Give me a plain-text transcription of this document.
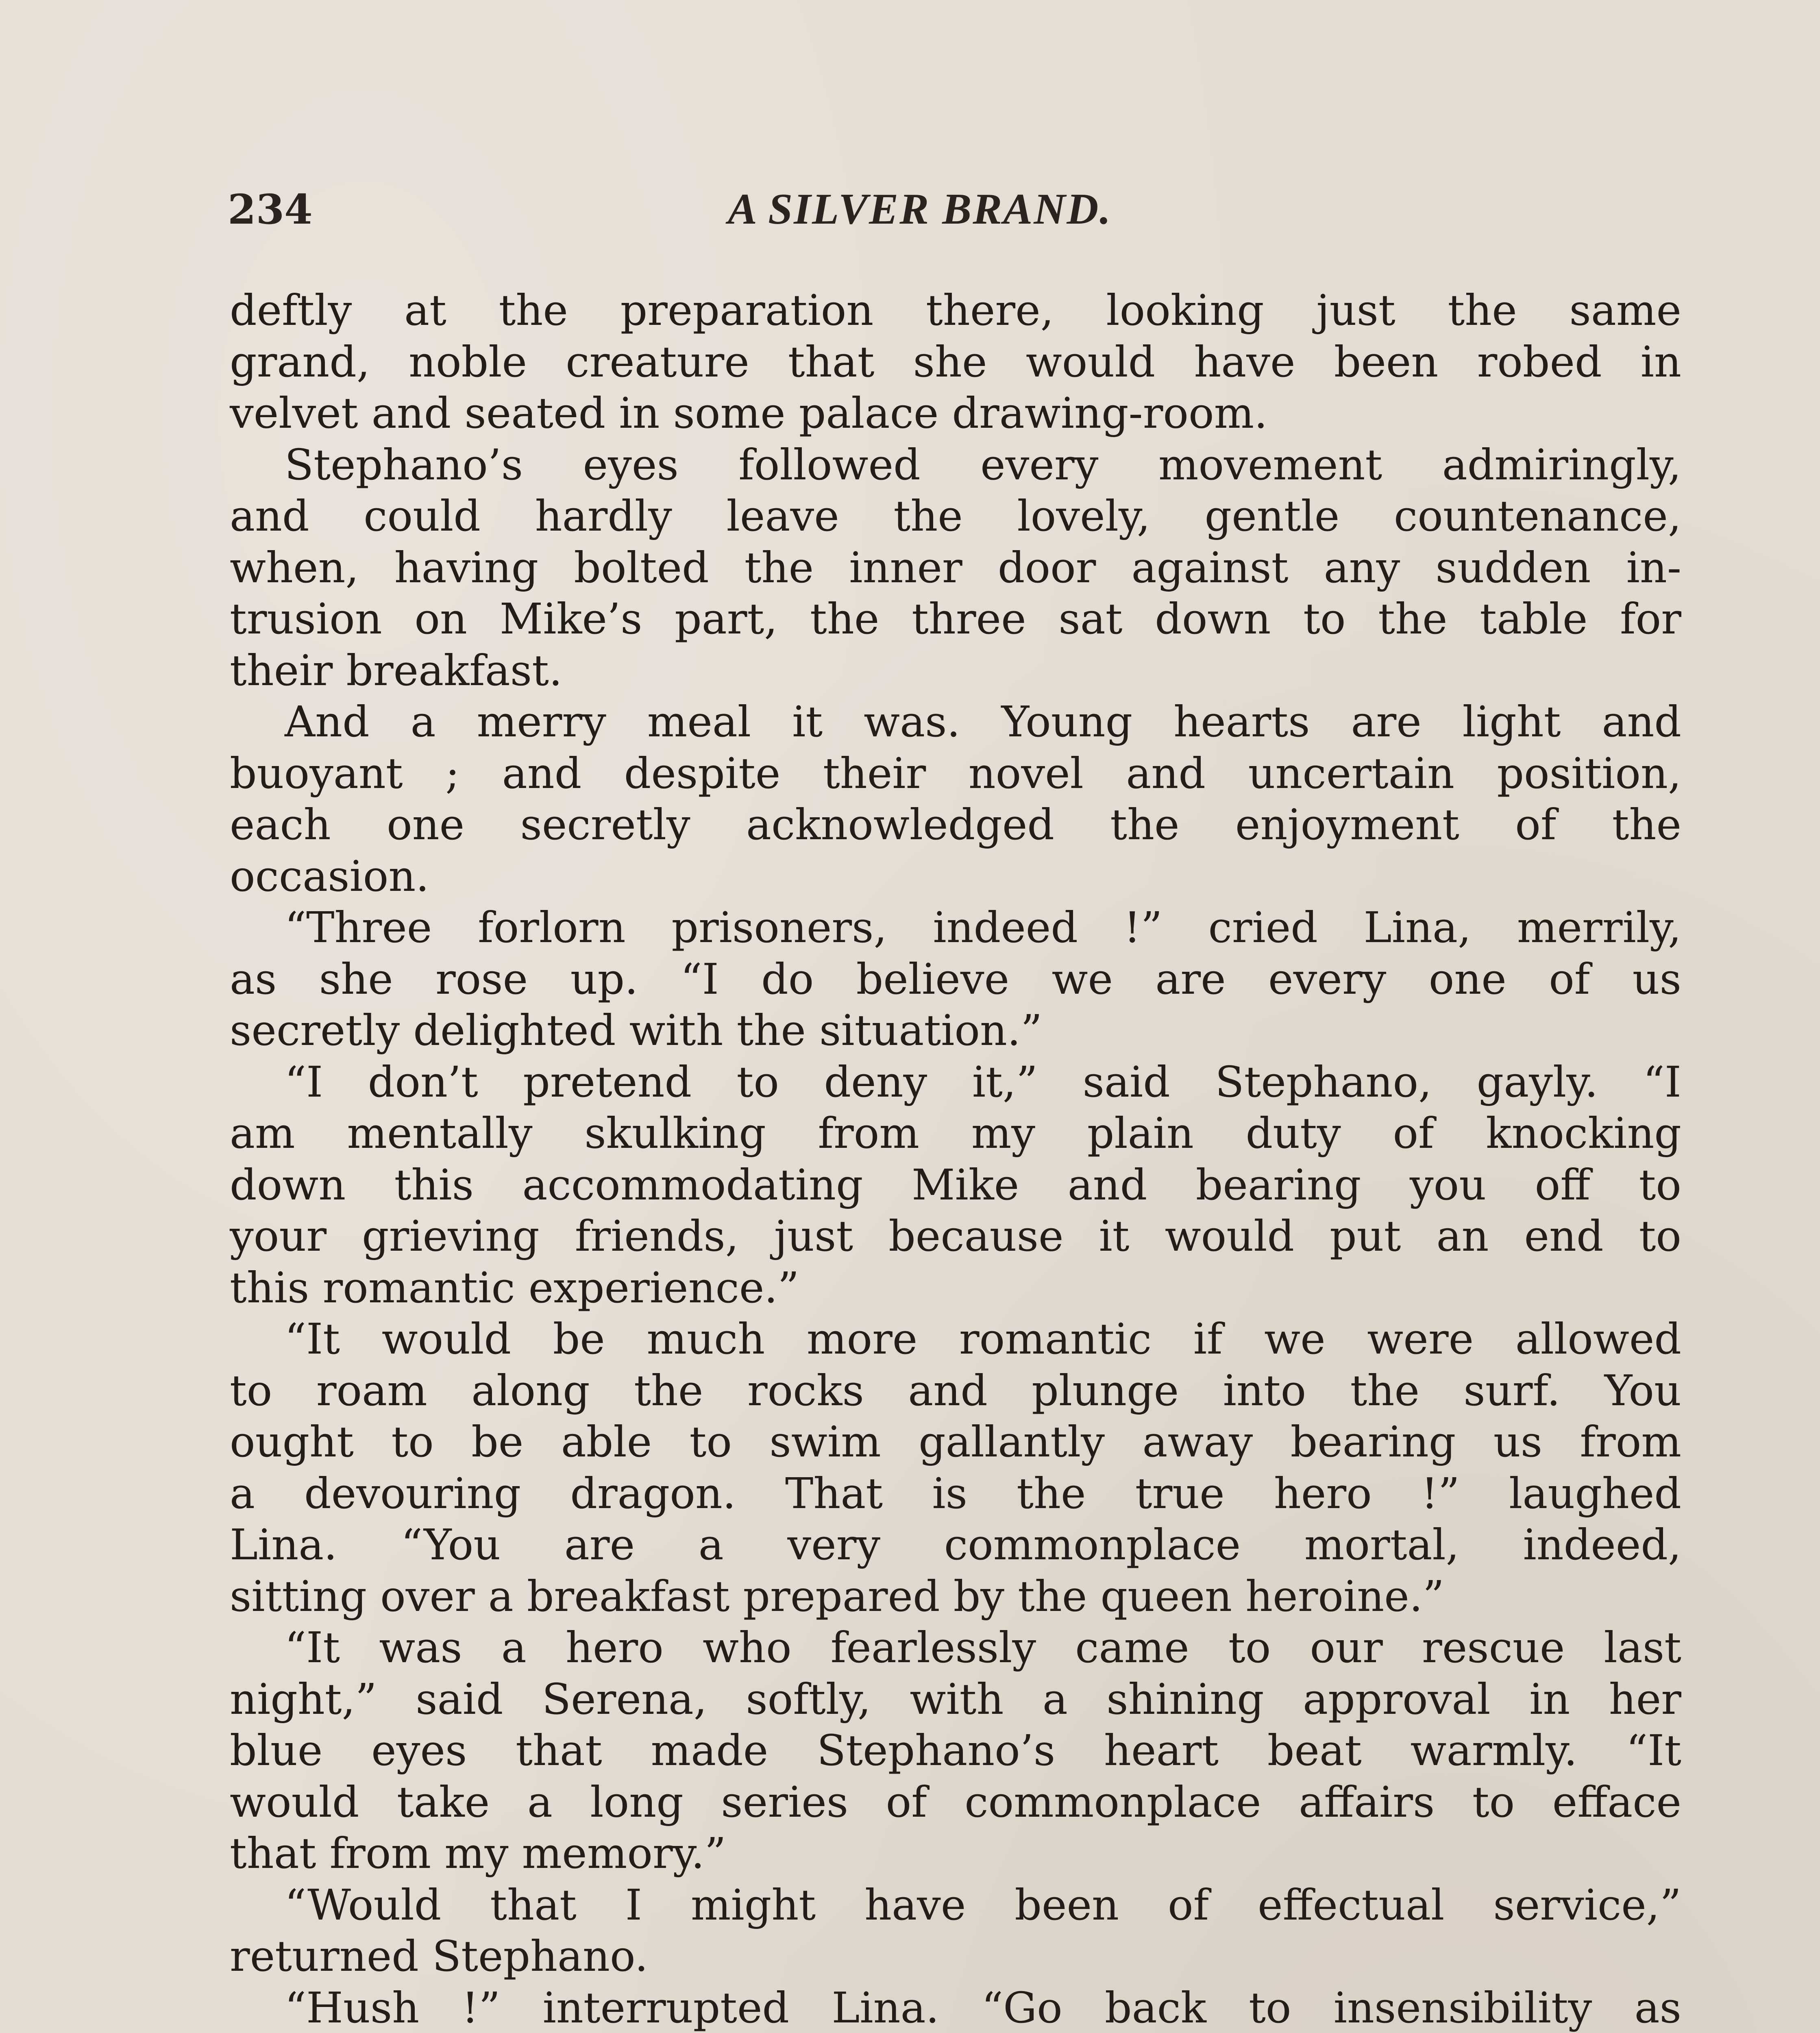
234	A SILVER BRAND.
deftly at the preparation there, looking just the same
grand, noble creature that she would have been robed in
velvet and seated in some palace drawing-room.
Stephano’s eyes followed every movement admiringly,
and could hardly leave the lovely, gentle countenance,
when, having bolted the inner door against any sudden in-
trusion on Mike’s part, the three sat down to the table for
their breakfast.
And a merry meal it was. Young hearts are light and
buoyant ; and despite their novel and uncertain position,
each one secretly acknowledged the enjoyment of the
occasion.
“Three forlorn prisoners, indeed !” cried Lina, merrily,
as she rose up. “I do believe we are every one of us
secretly delighted with the situation.”
“I don’t pretend to deny it,” said Stephano, gayly. “I
am mentally skulking from my plain duty of knocking
down this accommodating Mike and bearing you off to
your grieving friends, just because it would put an end to
this romantic experience.”
“It would be much more romantic if we were allowed
to roam along the rocks and plunge into the surf. You
ought to be able to swim gallantly away bearing us from
a devouring dragon. That is the true hero !” laughed
Lina. “You are a very commonplace mortal, indeed,
sitting over a breakfast prepared by the queen heroine.”
“It was a hero who fearlessly came to our rescue last
night,” said Serena, softly, with a shining approval in her
blue eyes that made Stephano’s heart beat warmly. “It
would take a long series of commonplace affairs to efface
that from my memory.”
“Would that I might have been of effectual service,”
returned Stephano.
“Hush !” interrupted Lina. “Go back to insensibility as
